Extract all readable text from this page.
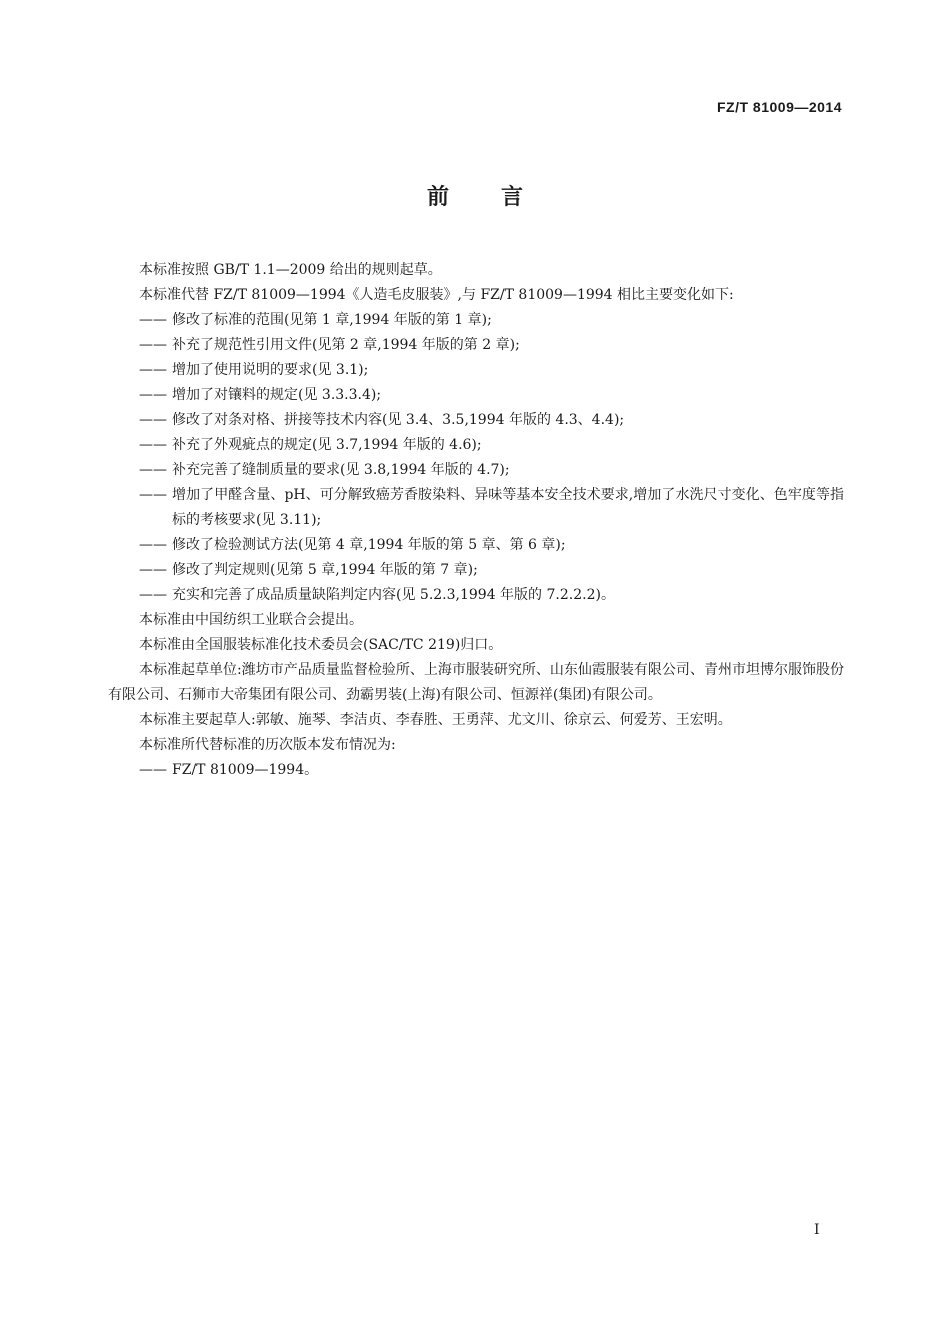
FZ/T 81009—2014
前言

本标准按照 GB/T 1.1—2009 给出的规则起草。

本标准代替 FZ/T 81009—1994《人造毛皮服装》,与 FZ/T 81009—1994 相比主要变化如下:

—— 修改了标准的范围(见第 1 章,1994 年版的第 1 章);

—— 补充了规范性引用文件(见第 2 章,1994 年版的第 2 章);

—— 增加了使用说明的要求(见 3.1);

—— 增加了对镶料的规定(见 3.3.3.4);

—— 修改了对条对格、拼接等技术内容(见 3.4、3.5,1994 年版的 4.3、4.4);

—— 补充了外观疵点的规定(见 3.7,1994 年版的 4.6);

—— 补充完善了缝制质量的要求(见 3.8,1994 年版的 4.7);

—— 增加了甲醛含量、pH、可分解致癌芳香胺染料、异味等基本安全技术要求,增加了水洗尺寸变化、色牢度等指标的考核要求(见 3.11);

—— 修改了检验测试方法(见第 4 章,1994 年版的第 5 章、第 6 章);

—— 修改了判定规则(见第 5 章,1994 年版的第 7 章);

—— 充实和完善了成品质量缺陷判定内容(见 5.2.3,1994 年版的 7.2.2.2)。

本标准由中国纺织工业联合会提出。

本标准由全国服装标准化技术委员会(SAC/TC 219)归口。

本标准起草单位:潍坊市产品质量监督检验所、上海市服装研究所、山东仙霞服装有限公司、青州市坦博尔服饰股份有限公司、石狮市大帝集团有限公司、劲霸男装(上海)有限公司、恒源祥(集团)有限公司。

本标准主要起草人:郭敏、施琴、李洁贞、李春胜、王勇萍、尤文川、徐京云、何爱芳、王宏明。

本标准所代替标准的历次版本发布情况为:

—— FZ/T 81009—1994。

I
